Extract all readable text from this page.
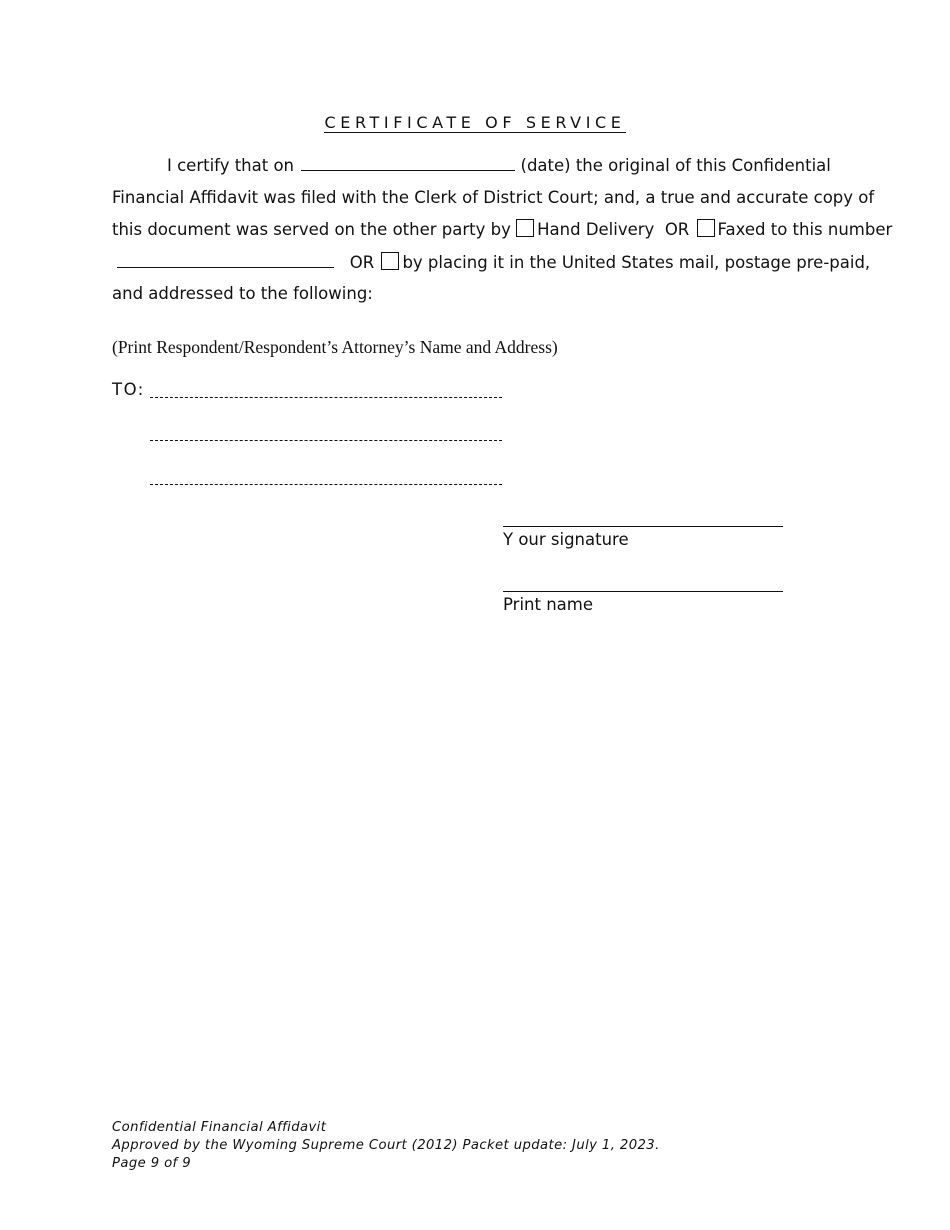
CERTIFICATE OF SERVICE
I certify that on	(date) the original of this Confidential
Financial Affidavit was filed with the Clerk of District Court; and, a true and accurate copy of
this document was served on the other party by Hand Delivery OR Faxed to this number
OR by placing it in the United States mail, postage pre-paid,
and addressed to the following:
(Print Respondent/Respondent’s Attorney’s Name and Address)
TO:
Y our signature
Print name
Confidential Financial Affidavit
Approved by the Wyoming Supreme Court (2012) Packet update: July 1, 2023.
Page 9 of 9
